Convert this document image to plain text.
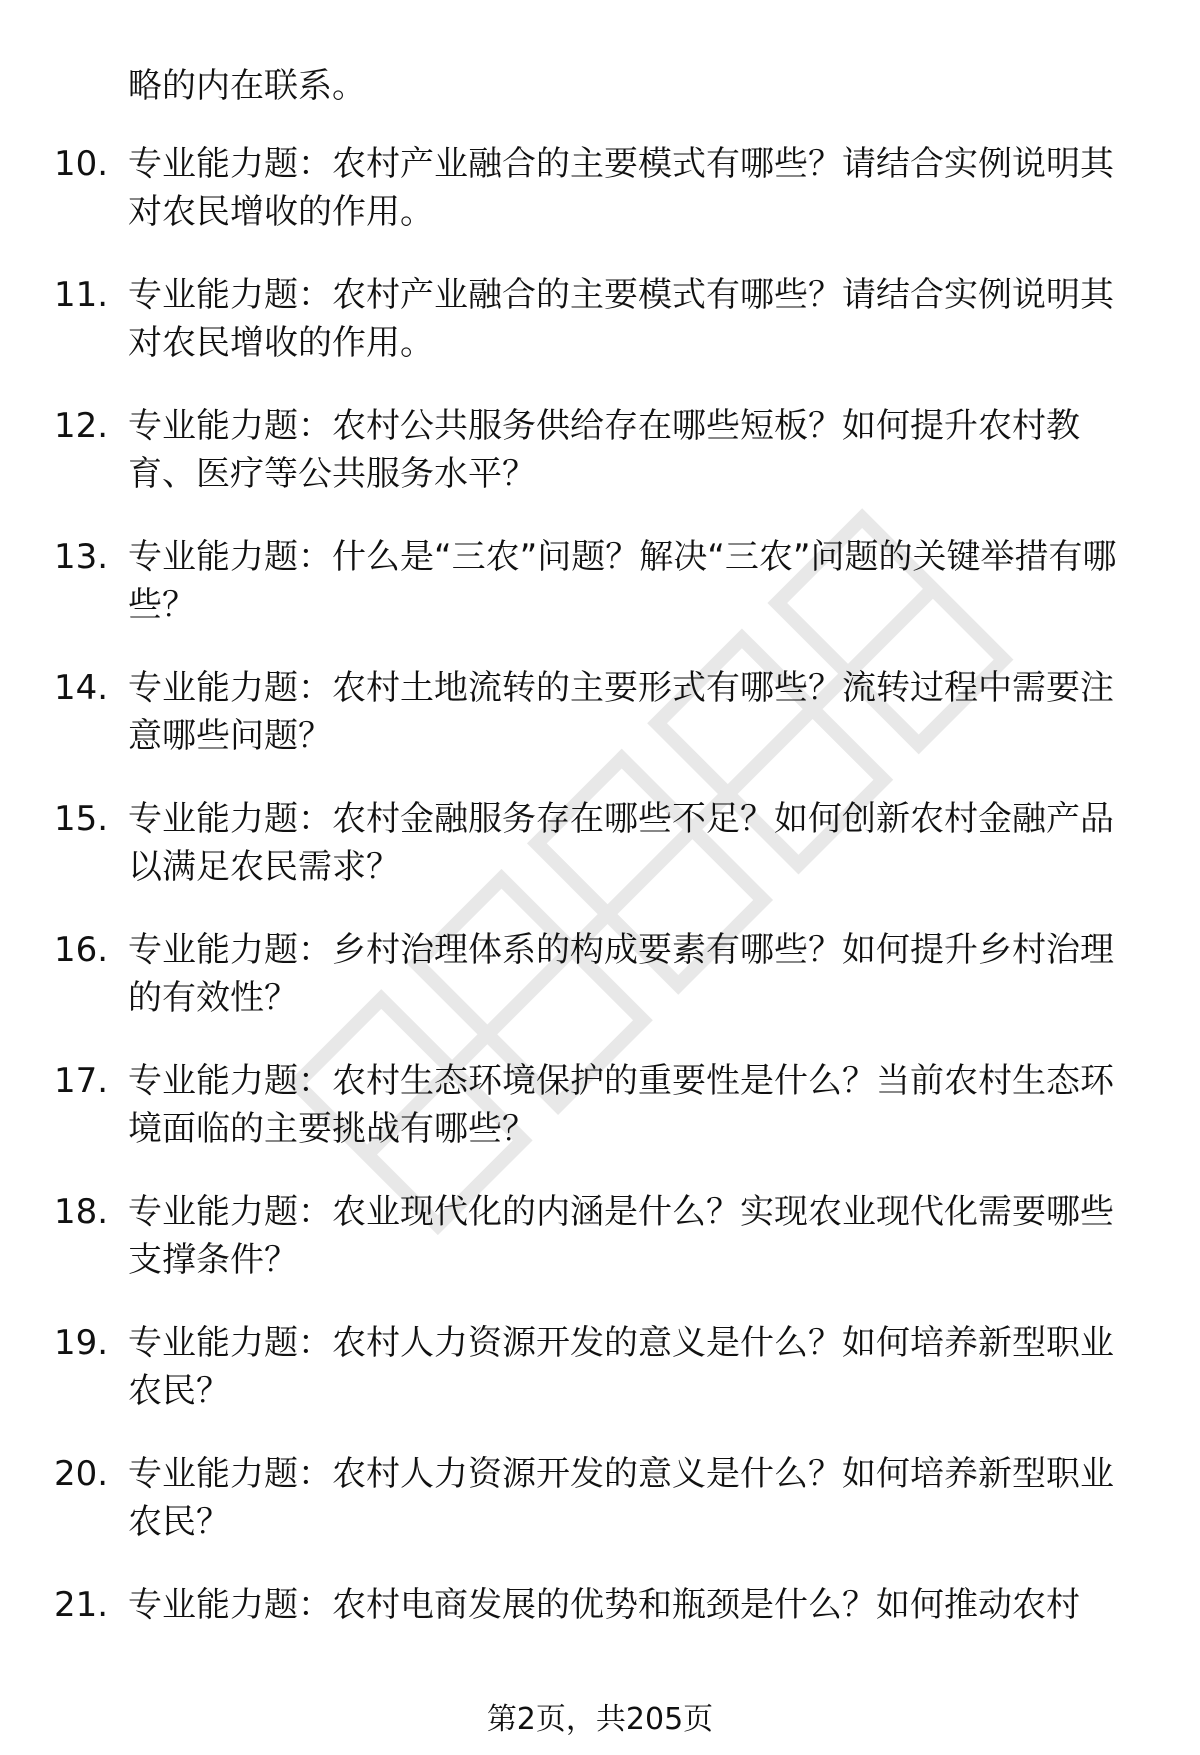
略的内在联系。

10. 专业能力题：农村产业融合的主要模式有哪些？请结合实例说明其对农民增收的作用。

11. 专业能力题：农村产业融合的主要模式有哪些？请结合实例说明其对农民增收的作用。

12. 专业能力题：农村公共服务供给存在哪些短板？如何提升农村教育、医疗等公共服务水平？

13. 专业能力题：什么是“三农”问题？解决“三农”问题的关键举措有哪些？

14. 专业能力题：农村土地流转的主要形式有哪些？流转过程中需要注意哪些问题？

15. 专业能力题：农村金融服务存在哪些不足？如何创新农村金融产品以满足农民需求？

16. 专业能力题：乡村治理体系的构成要素有哪些？如何提升乡村治理的有效性？

17. 专业能力题：农村生态环境保护的重要性是什么？当前农村生态环境面临的主要挑战有哪些？

18. 专业能力题：农业现代化的内涵是什么？实现农业现代化需要哪些支撑条件？

19. 专业能力题：农村人力资源开发的意义是什么？如何培养新型职业农民？

20. 专业能力题：农村人力资源开发的意义是什么？如何培养新型职业农民？

21. 专业能力题：农村电商发展的优势和瓶颈是什么？如何推动农村

第2页，共205页
